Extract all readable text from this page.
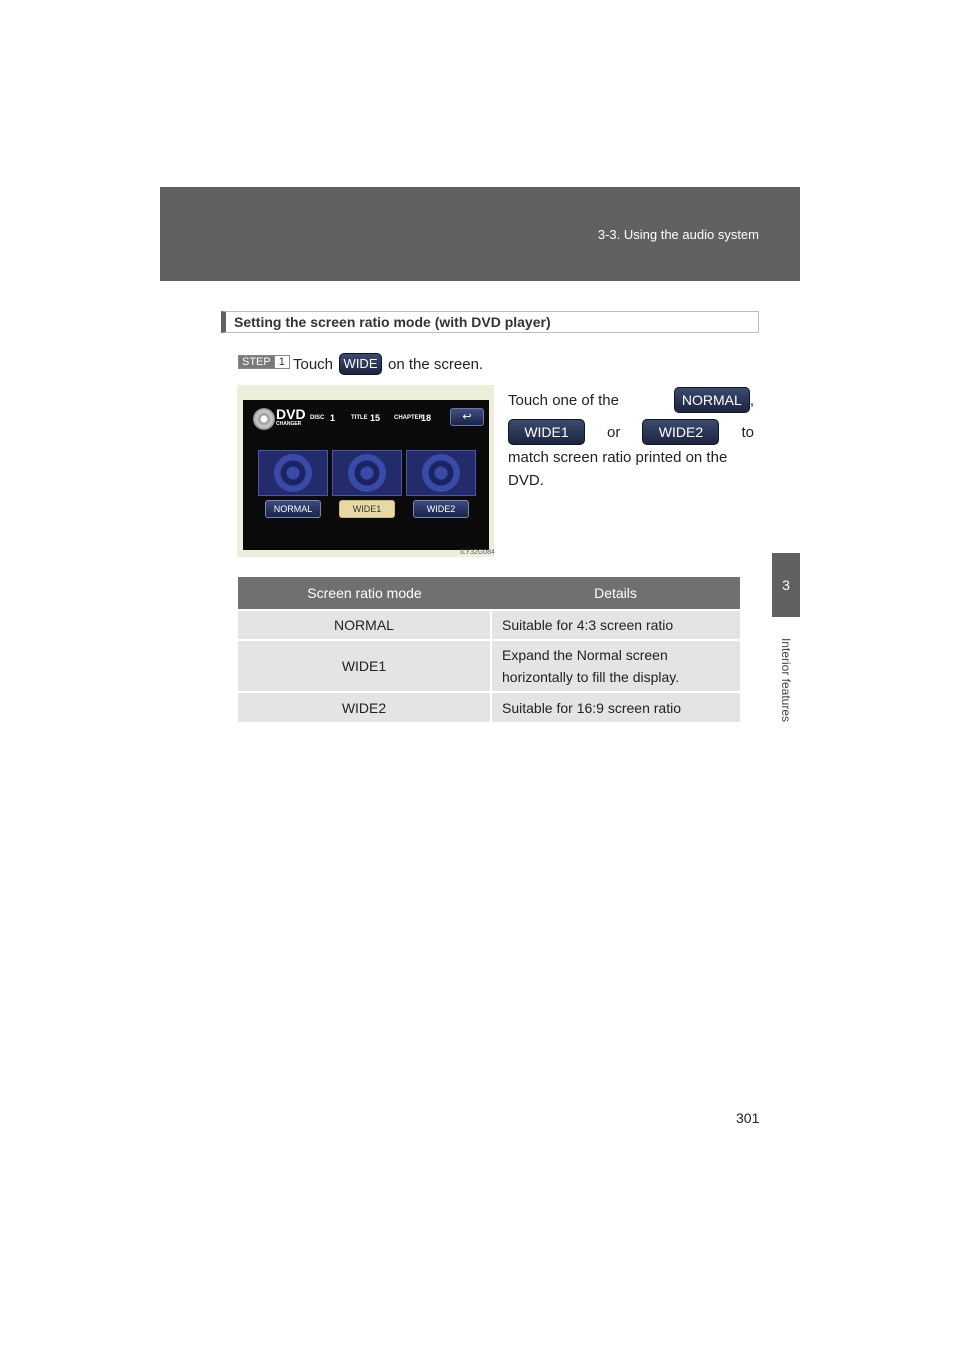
3-3. Using the audio system
3
Interior features
Setting the screen ratio mode (with DVD player)
STEP 1 Touch WIDE on the screen.
Touch one of the	NORMAL ,
WIDE1	or	WIDE2	to
match screen ratio printed on the
DVD.
DVD
CHANGER
DISC 1	TITLE 15 CHAPTER
18	↩
NORMAL	WIDE1	WIDE2
ILY32G084
Screen ratio mode	Details
NORMAL	Suitable for 4:3 screen ratio
WIDE1	Expand the Normal screen
horizontally to fill the display.
WIDE2	Suitable for 16:9 screen ratio
301
